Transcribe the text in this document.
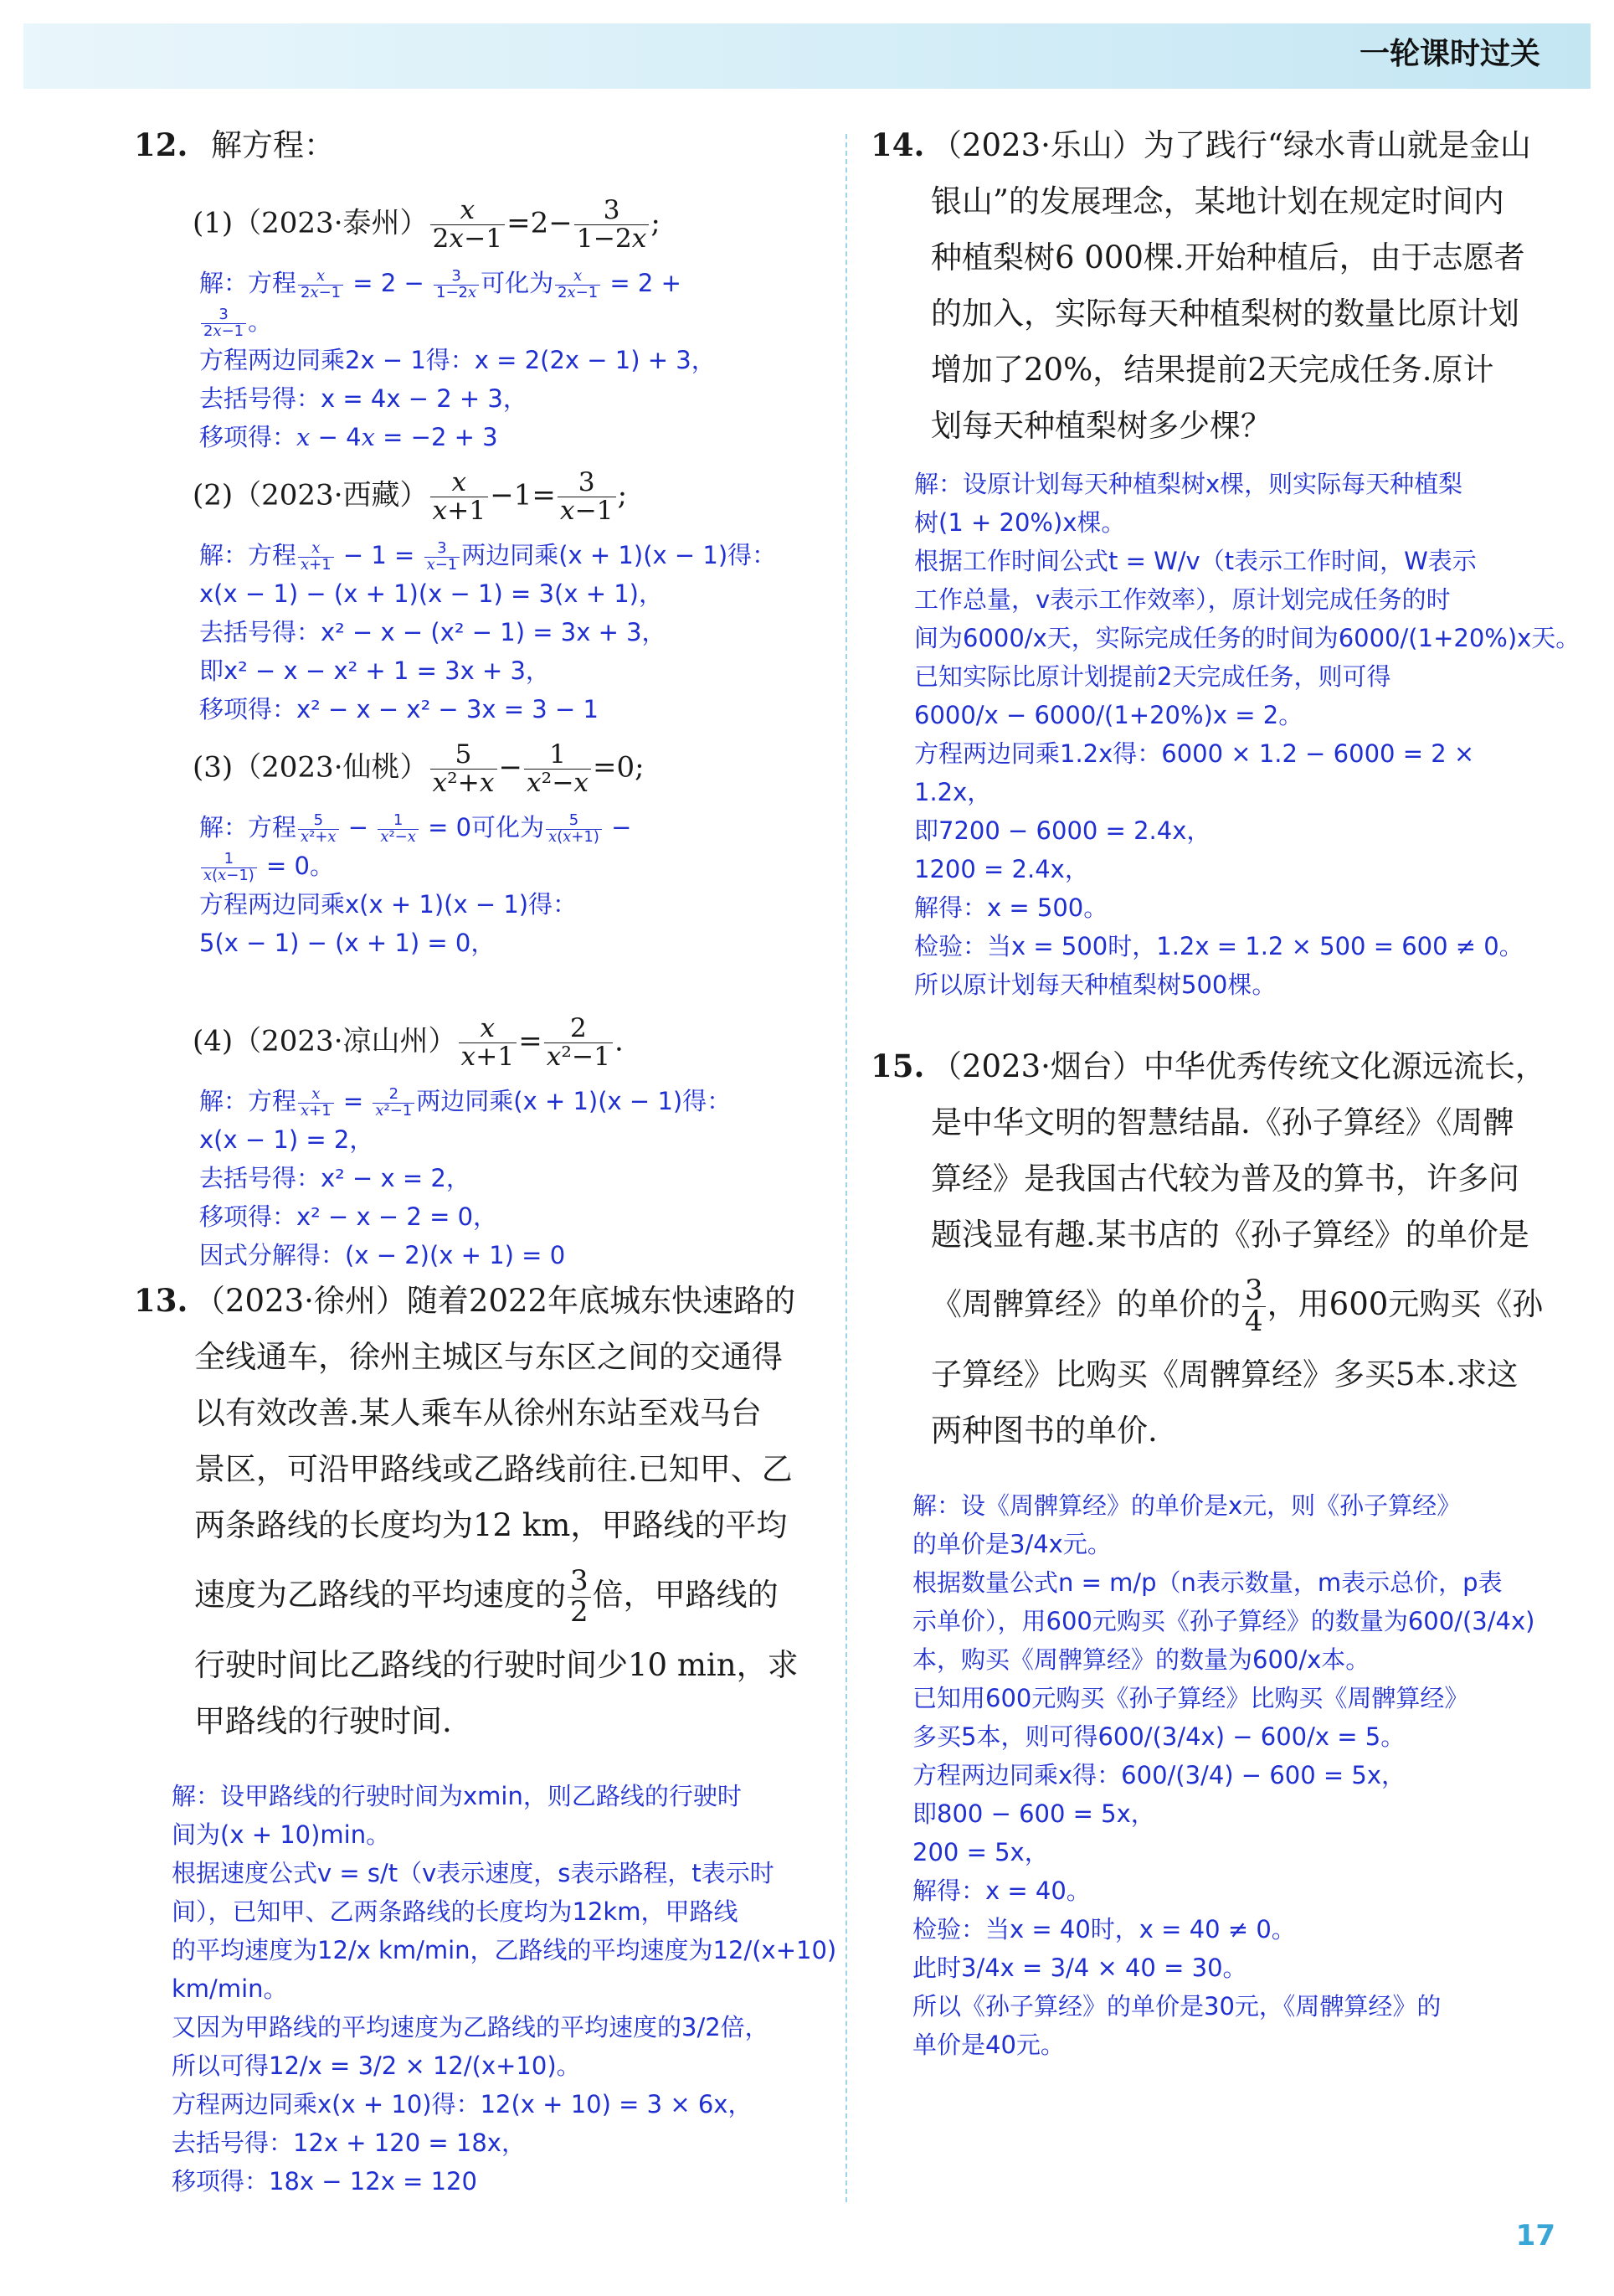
一轮课时过关
12. 解方程：
(1)（2023·泰州） $\frac{x}{2x-1} =2- \frac{3}{1-2x}$ ;
解：方程 $\frac{x}{2x-1} = 2 - \frac{3}{1-2x}$ 可化为 $\frac{x}{2x-1} = 2$ +
$\frac{3}{2x-1}$ 。
方程两边同乘2x − 1得：x = 2(2x − 1) + 3，
去括号得：x = 4x − 2 + 3，
移项得：x − 4x = −2 + 3
(2)（2023·西藏） $\frac{x}{x+1} -1= \frac{3}{x-1}$ ;
解：方程 $\frac{x}{x+1} - 1 = \frac{3}{x-1}$ 两边同乘(x + 1)(x − 1)得：
x(x − 1) − (x + 1)(x − 1) = 3(x + 1)，
去括号得：x² − x − (x² − 1) = 3x + 3，
即x² − x − x² + 1 = 3x + 3，
移项得：x² − x − x² − 3x = 3 − 1
(3)（2023·仙桃） $\frac{5}{\text{x²+x}} - \frac{1}{\text{x²−x}} =0$;
解：方程 $\frac{5}{\text{x²+x}} - \frac{1}{\text{x²−x}} = 0$可化为 $\frac{5}{x(x+1)}$ −
$\frac{1}{x(x-1)} = 0$。
方程两边同乘x(x + 1)(x − 1)得：
5(x − 1) − (x + 1) = 0，
(4)（2023·凉山州） $\frac{x}{x+1} = \frac{2}{\text{x²−1}}$ .
解：方程 $\frac{x}{x+1} = \frac{2}{\text{x²−1}}$ 两边同乘(x + 1)(x − 1)得：
x(x − 1) = 2，
去括号得：x² − x = 2，
移项得：x² − x − 2 = 0，
因式分解得：(x − 2)(x + 1) = 0
13. （2023·徐州）随着2022年底城东快速路的
全线通车，徐州主城区与东区之间的交通得
以有效改善.某人乘车从徐州东站至戏马台
景区，可沿甲路线或乙路线前往.已知甲、乙
两条路线的长度均为12 km，甲路线的平均
速度为乙路线的平均速度的 $\frac{3}{2}$ 倍，甲路线的
行驶时间比乙路线的行驶时间少10 min，求
甲路线的行驶时间.
解：设甲路线的行驶时间为xmin，则乙路线的行驶时
间为(x + 10)min。
根据速度公式v = s/t（v表示速度，s表示路程，t表示时
间），已知甲、乙两条路线的长度均为12km，甲路线
的平均速度为12/x km/min，乙路线的平均速度为12/(x+10)
km/min。
又因为甲路线的平均速度为乙路线的平均速度的3/2倍，
所以可得12/x = 3/2 × 12/(x+10)。
方程两边同乘x(x + 10)得：12(x + 10) = 3 × 6x，
去括号得：12x + 120 = 18x，
移项得：18x − 12x = 120
14. （2023·乐山）为了践行“绿水青山就是金山
银山”的发展理念，某地计划在规定时间内
种植梨树6 000棵.开始种植后，由于志愿者
的加入，实际每天种植梨树的数量比原计划
增加了20%，结果提前2天完成任务.原计
划每天种植梨树多少棵？
解：设原计划每天种植梨树x棵，则实际每天种植梨
树(1 + 20%)x棵。
根据工作时间公式t = W/v（t表示工作时间，W表示
工作总量，v表示工作效率），原计划完成任务的时
间为6000/x天，实际完成任务的时间为6000/(1+20%)x天。
已知实际比原计划提前2天完成任务，则可得
6000/x − 6000/(1+20%)x = 2。
方程两边同乘1.2x得：6000 × 1.2 − 6000 = 2 ×
1.2x，
即7200 − 6000 = 2.4x，
1200 = 2.4x，
解得：x = 500。
检验：当x = 500时，1.2x = 1.2 × 500 = 600 ≠ 0。
所以原计划每天种植梨树500棵。
15. （2023·烟台）中华优秀传统文化源远流长，
是中华文明的智慧结晶.《孙子算经》《周髀
算经》是我国古代较为普及的算书，许多问
题浅显有趣.某书店的《孙子算经》的单价是
《周髀算经》的单价的 $\frac{3}{4}$ ，用600元购买《孙
子算经》比购买《周髀算经》多买5本.求这
两种图书的单价.
解：设《周髀算经》的单价是x元，则《孙子算经》
的单价是3/4x元。
根据数量公式n = m/p（n表示数量，m表示总价，p表
示单价），用600元购买《孙子算经》的数量为600/(3/4x)
本，购买《周髀算经》的数量为600/x本。
已知用600元购买《孙子算经》比购买《周髀算经》
多买5本，则可得600/(3/4x) − 600/x = 5。
方程两边同乘x得：600/(3/4) − 600 = 5x，
即800 − 600 = 5x，
200 = 5x，
解得：x = 40。
检验：当x = 40时，x = 40 ≠ 0。
此时3/4x = 3/4 × 40 = 30。
所以《孙子算经》的单价是30元，《周髀算经》的
单价是40元。
17
